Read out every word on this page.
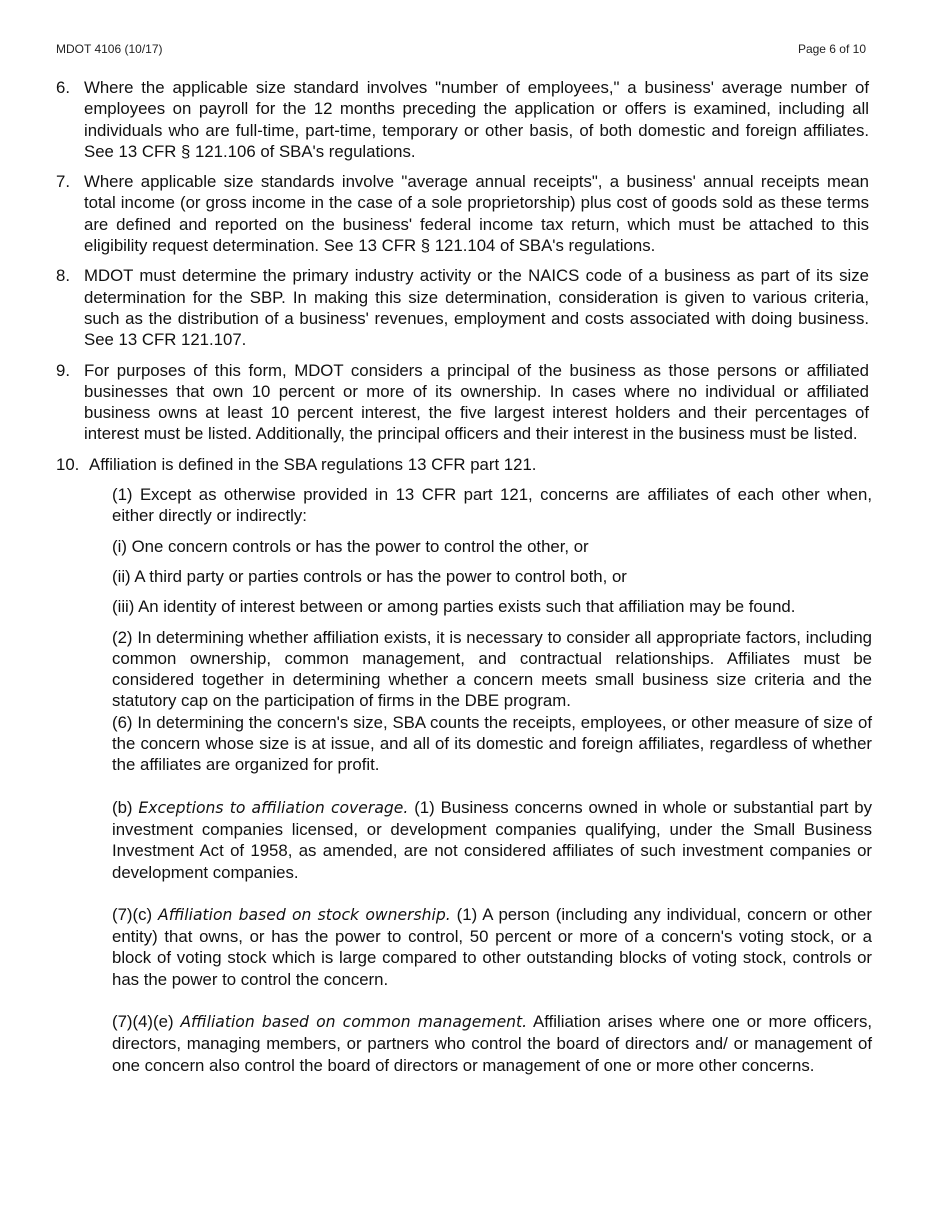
MDOT 4106 (10/17)	Page 6 of 10
6. Where the applicable size standard involves "number of employees," a business' average number of employees on payroll for the 12 months preceding the application or offers is examined, including all individuals who are full-time, part-time, temporary or other basis, of both domestic and foreign affiliates. See 13 CFR § 121.106 of SBA's regulations.
7. Where applicable size standards involve "average annual receipts", a business' annual receipts mean total income (or gross income in the case of a sole proprietorship) plus cost of goods sold as these terms are defined and reported on the business' federal income tax return, which must be attached to this eligibility request determination. See 13 CFR § 121.104 of SBA's regulations.
8. MDOT must determine the primary industry activity or the NAICS code of a business as part of its size determination for the SBP. In making this size determination, consideration is given to various criteria, such as the distribution of a business' revenues, employment and costs associated with doing business. See 13 CFR 121.107.
9. For purposes of this form, MDOT considers a principal of the business as those persons or affiliated businesses that own 10 percent or more of its ownership. In cases where no individual or affiliated business owns at least 10 percent interest, the five largest interest holders and their percentages of interest must be listed. Additionally, the principal officers and their interest in the business must be listed.
10. Affiliation is defined in the SBA regulations 13 CFR part 121.
(1) Except as otherwise provided in 13 CFR part 121, concerns are affiliates of each other when, either directly or indirectly:
(i) One concern controls or has the power to control the other, or
(ii) A third party or parties controls or has the power to control both, or
(iii) An identity of interest between or among parties exists such that affiliation may be found.
(2) In determining whether affiliation exists, it is necessary to consider all appropriate factors, including common ownership, common management, and contractual relationships. Affiliates must be considered together in determining whether a concern meets small business size criteria and the statutory cap on the participation of firms in the DBE program.
(6) In determining the concern's size, SBA counts the receipts, employees, or other measure of size of the concern whose size is at issue, and all of its domestic and foreign affiliates, regardless of whether the affiliates are organized for profit.
(b) Exceptions to affiliation coverage. (1) Business concerns owned in whole or substantial part by investment companies licensed, or development companies qualifying, under the Small Business Investment Act of 1958, as amended, are not considered affiliates of such investment companies or development companies.
(7)(c) Affiliation based on stock ownership. (1) A person (including any individual, concern or other entity) that owns, or has the power to control, 50 percent or more of a concern's voting stock, or a block of voting stock which is large compared to other outstanding blocks of voting stock, controls or has the power to control the concern.
(7)(4)(e) Affiliation based on common management. Affiliation arises where one or more officers, directors, managing members, or partners who control the board of directors and/ or management of one concern also control the board of directors or management of one or more other concerns.
